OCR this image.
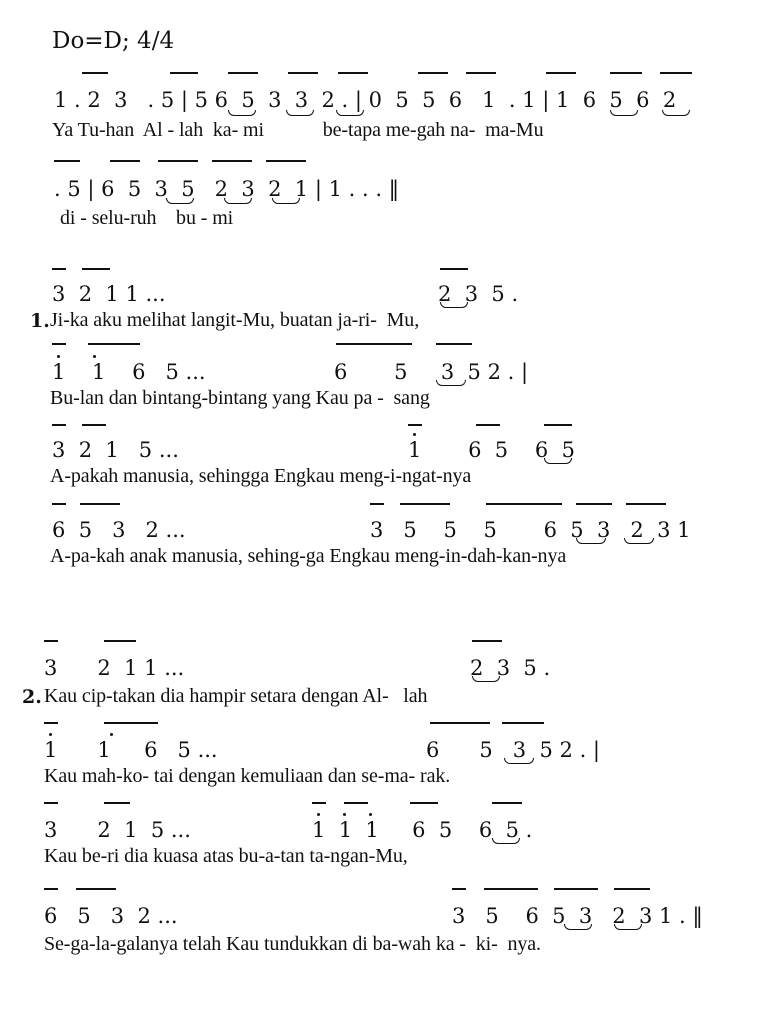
Do=D; 4/4
1 . 2  3   . 5 | 5 6  5  3  3  2 . | 0  5  5  6   1  . 1 | 1  6  5  6  2
Ya Tu-han  Al - lah  ka- mi            be-tapa me-gah na-  ma-Mu
. 5 | 6  5  3  5   2  3  2  1 | 1 . . . ‖
di - selu-ruh    bu - mi
3  2  1 1 ...	2  3  5 .
1. Ji-ka aku melihat langit-Mu, buatan ja-ri-  Mu,
1    1    6   5 ...	6       5     3  5 2 . |
Bu-lan dan bintang-bintang yang Kau pa -  sang
3  2  1   5 ...	1       6  5    6  5
A-pakah manusia, sehingga Engkau meng-i-ngat-nya
6  5   3   2 ...	3   5    5    5       6  5  3   2  3 1
A-pa-kah anak manusia, sehing-ga Engkau meng-in-dah-kan-nya
3      2  1 1 ...	2  3  5 .
2. Kau cip-takan dia hampir setara dengan Al-   lah
1      1     6   5 ...	6      5   3  5 2 . |
Kau mah-ko- tai dengan kemuliaan dan se-ma- rak.
3      2  1  5 ...	1  1  1     6  5    6  5 .
Kau be-ri dia kuasa atas bu-a-tan ta-ngan-Mu,
6   5   3  2 ...	3   5    6  5  3   2  3 1 . ‖
Se-ga-la-galanya telah Kau tundukkan di ba-wah ka -  ki-  nya.
